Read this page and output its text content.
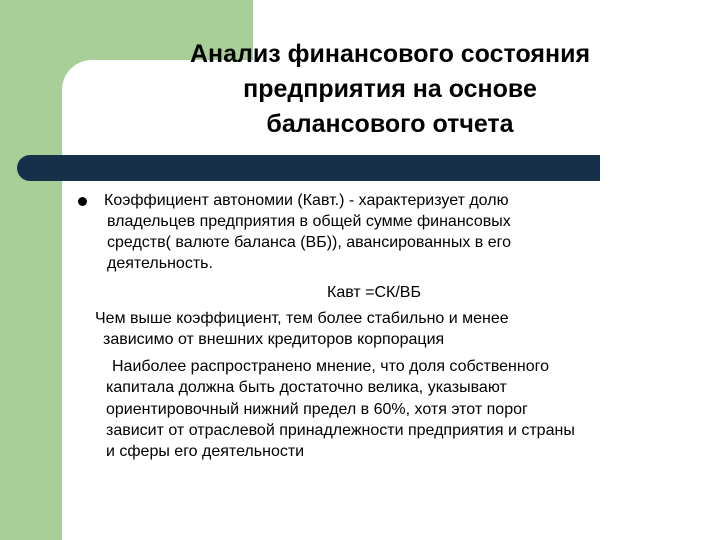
Анализ финансового состояния
предприятия на основе
балансового отчета
Коэффициент автономии (Кавт.) - характеризует долю
владельцев предприятия в общей сумме финансовых
средств( валюте баланса (ВБ)), авансированных в его
деятельность.
Кавт =СК/ВБ
Чем выше коэффициент, тем более стабильно и менее
зависимо от внешних кредиторов корпорация
Наиболее распространено мнение, что доля собственного
капитала должна быть достаточно велика, указывают
ориентировочный нижний предел в 60%, хотя этот порог
зависит от отраслевой принадлежности предприятия и страны
и сферы его деятельности
